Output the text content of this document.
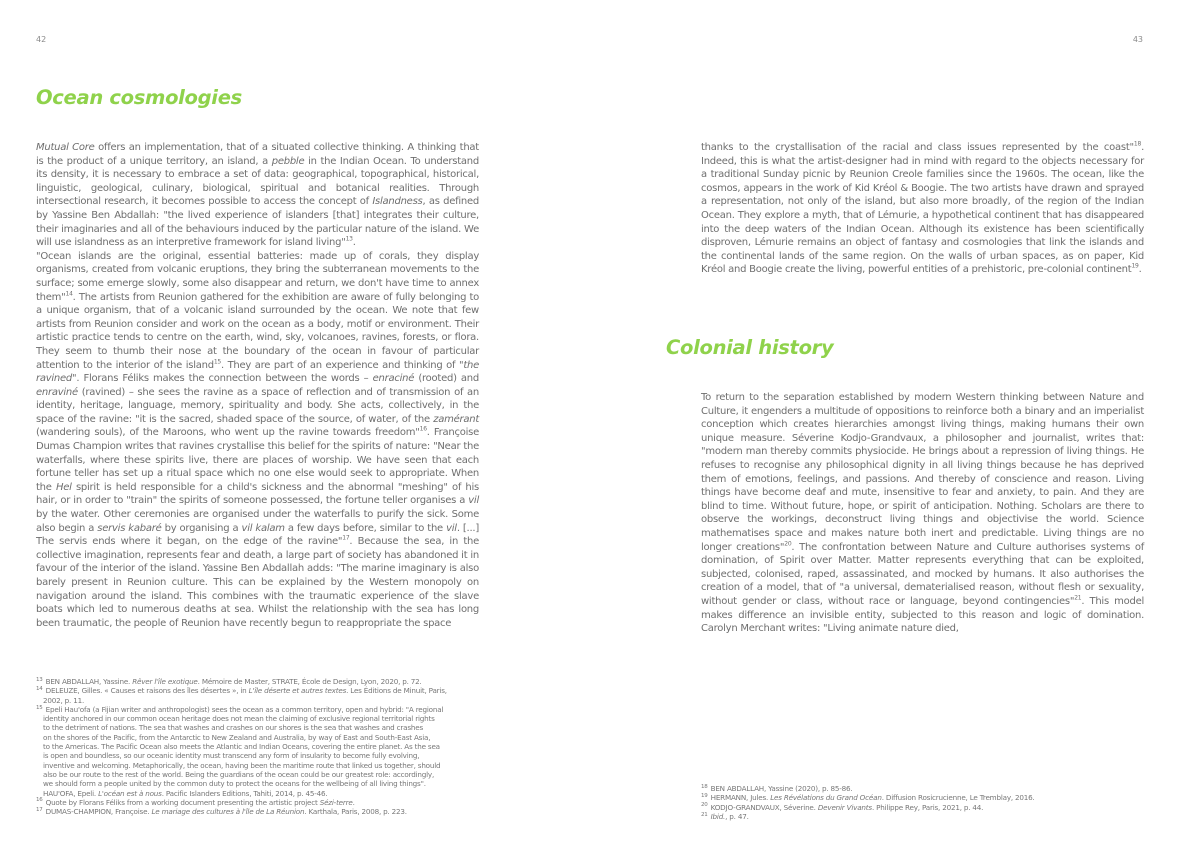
42
Ocean cosmologies

Mutual Core offers an implementation, that of a situated collective thinking. A thinking that is the product of a unique territory, an island, a pebble in the Indian Ocean. To understand its density, it is necessary to embrace a set of data: geographical, topographical, historical, linguistic, geological, culinary, biological, spiritual and botanical realities. Through intersectional research, it becomes possible to access the concept of Islandness, as defined by Yassine Ben Abdallah: "the lived experience of islanders [that] integrates their culture, their imaginaries and all of the behaviours induced by the particular nature of the island. We will use islandness as an interpretive framework for island living"$^{13}$.

"Ocean islands are the original, essential batteries: made up of corals, they display organisms, created from volcanic eruptions, they bring the subterranean movements to the surface; some emerge slowly, some also disappear and return, we don't have time to annex them"$^{14}$. The artists from Reunion gathered for the exhibition are aware of fully belonging to a unique organism, that of a volcanic island surrounded by the ocean. We note that few artists from Reunion consider and work on the ocean as a body, motif or environment. Their artistic practice tends to centre on the earth, wind, sky, volcanoes, ravines, forests, or flora. They seem to thumb their nose at the boundary of the ocean in favour of particular attention to the interior of the island$^{15}$. They are part of an experience and thinking of "the ravined". Florans Féliks makes the connection between the words – enraciné (rooted) and enraviné (ravined) – she sees the ravine as a space of reflection and of transmission of an identity, heritage, language, memory, spirituality and body. She acts, collectively, in the space of the ravine: "it is the sacred, shaded space of the source, of water, of the zamérant (wandering souls), of the Maroons, who went up the ravine towards freedom"$^{16}$. Françoise Dumas Champion writes that ravines crystallise this belief for the spirits of nature: "Near the waterfalls, where these spirits live, there are places of worship. We have seen that each fortune teller has set up a ritual space which no one else would seek to appropriate. When the Hel spirit is held responsible for a child's sickness and the abnormal "meshing" of his hair, or in order to "train" the spirits of someone possessed, the fortune teller organises a vil by the water. Other ceremonies are organised under the waterfalls to purify the sick. Some also begin a servis kabaré by organising a vil kalam a few days before, similar to the vil. [...] The servis ends where it began, on the edge of the ravine"$^{17}$. Because the sea, in the collective imagination, represents fear and death, a large part of society has abandoned it in favour of the interior of the island. Yassine Ben Abdallah adds: "The marine imaginary is also barely present in Reunion culture. This can be explained by the Western monopoly on navigation around the island. This combines with the traumatic experience of the slave boats which led to numerous deaths at sea. Whilst the relationship with the sea has long been traumatic, the people of Reunion have recently begun to reappropriate the space

$^{13}$ BEN ABDALLAH, Yassine. Rêver l'île exotique. Mémoire de Master, STRATE, École de Design, Lyon, 2020, p. 72.
$^{14}$ DELEUZE, Gilles. « Causes et raisons des îles désertes », in L'île déserte et autres textes. Les Éditions de Minuit, Paris,
2002, p. 11.
$^{15}$ Epeli Hau'ofa (a Fijian writer and anthropologist) sees the ocean as a common territory, open and hybrid: "A regional
identity anchored in our common ocean heritage does not mean the claiming of exclusive regional territorial rights
to the detriment of nations. The sea that washes and crashes on our shores is the sea that washes and crashes
on the shores of the Pacific, from the Antarctic to New Zealand and Australia, by way of East and South-East Asia,
to the Americas. The Pacific Ocean also meets the Atlantic and Indian Oceans, covering the entire planet. As the sea
is open and boundless, so our oceanic identity must transcend any form of insularity to become fully evolving,
inventive and welcoming. Metaphorically, the ocean, having been the maritime route that linked us together, should
also be our route to the rest of the world. Being the guardians of the ocean could be our greatest role: accordingly,
we should form a people united by the common duty to protect the oceans for the wellbeing of all living things".
HAU'OFA, Epeli. L'océan est à nous. Pacific Islanders Editions, Tahiti, 2014, p. 45-46.
$^{16}$ Quote by Florans Féliks from a working document presenting the artistic project Sézi-terre.
$^{17}$ DUMAS-CHAMPION, Françoise. Le mariage des cultures à l'île de La Réunion. Karthala, Paris, 2008, p. 223.
43

thanks to the crystallisation of the racial and class issues represented by the coast"$^{18}$. Indeed, this is what the artist-designer had in mind with regard to the objects necessary for a traditional Sunday picnic by Reunion Creole families since the 1960s. The ocean, like the cosmos, appears in the work of Kid Kréol & Boogie. The two artists have drawn and sprayed a representation, not only of the island, but also more broadly, of the region of the Indian Ocean. They explore a myth, that of Lémurie, a hypothetical continent that has disappeared into the deep waters of the Indian Ocean. Although its existence has been scientifically disproven, Lémurie remains an object of fantasy and cosmologies that link the islands and the continental lands of the same region. On the walls of urban spaces, as on paper, Kid Kréol and Boogie create the living, powerful entities of a prehistoric, pre-colonial continent$^{19}$.

Colonial history

To return to the separation established by modern Western thinking between Nature and Culture, it engenders a multitude of oppositions to reinforce both a binary and an imperialist conception which creates hierarchies amongst living things, making humans their own unique measure. Séverine Kodjo-Grandvaux, a philosopher and journalist, writes that: "modern man thereby commits physiocide. He brings about a repression of living things. He refuses to recognise any philosophical dignity in all living things because he has deprived them of emotions, feelings, and passions. And thereby of conscience and reason. Living things have become deaf and mute, insensitive to fear and anxiety, to pain. And they are blind to time. Without future, hope, or spirit of anticipation. Nothing. Scholars are there to observe the workings, deconstruct living things and objectivise the world. Science mathematises space and makes nature both inert and predictable. Living things are no longer creations"$^{20}$. The confrontation between Nature and Culture authorises systems of domination, of Spirit over Matter. Matter represents everything that can be exploited, subjected, colonised, raped, assassinated, and mocked by humans. It also authorises the creation of a model, that of "a universal, dematerialised reason, without flesh or sexuality, without gender or class, without race or language, beyond contingencies"$^{21}$. This model makes difference an invisible entity, subjected to this reason and logic of domination. Carolyn Merchant writes: "Living animate nature died,

$^{18}$ BEN ABDALLAH, Yassine (2020), p. 85-86.
$^{19}$ HERMANN, Jules. Les Révélations du Grand Océan. Diffusion Rosicrucienne, Le Tremblay, 2016.
$^{20}$ KODJO-GRANDVAUX, Séverine. Devenir Vivants. Philippe Rey, Paris, 2021, p. 44.
$^{21}$ Ibid., p. 47.
